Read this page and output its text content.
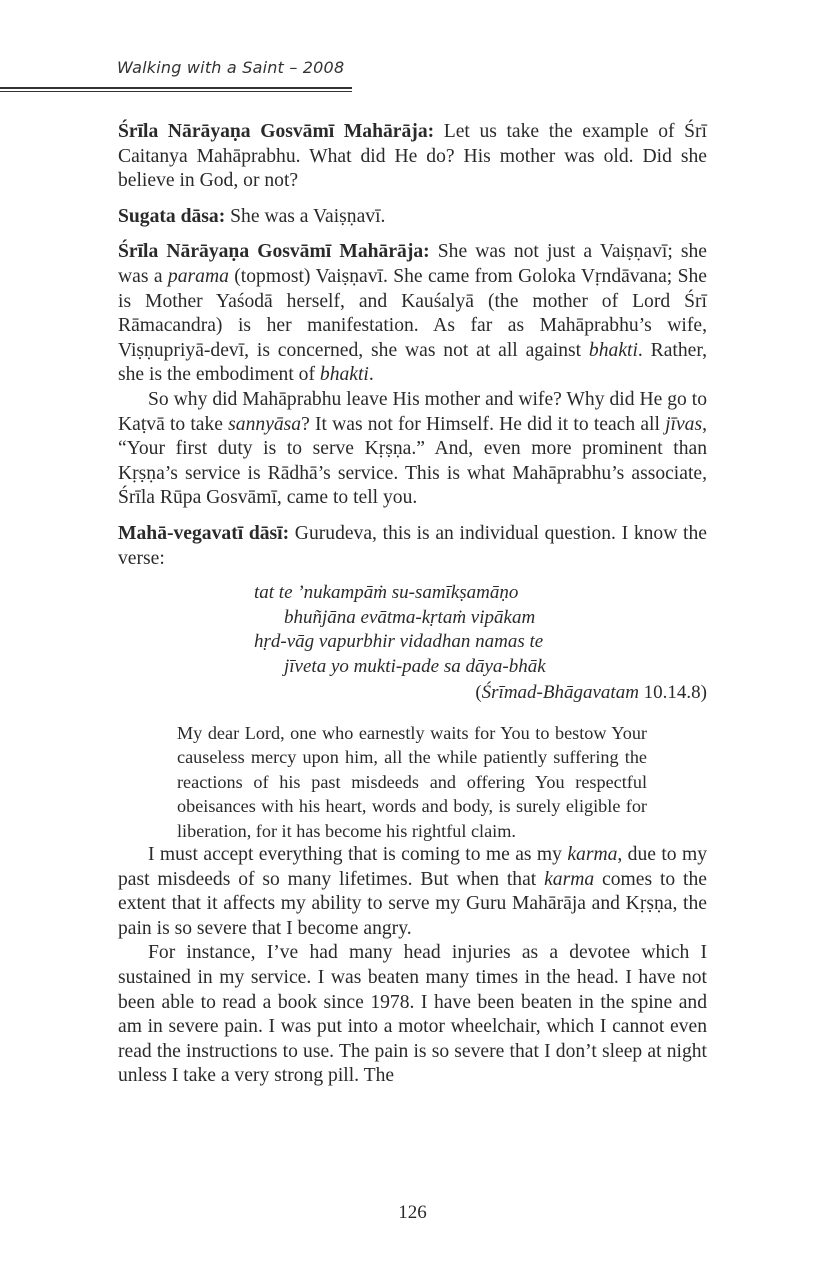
Walking with a Saint – 2008

Śrīla Nārāyaṇa Gosvāmī Mahārāja: Let us take the example of Śrī Caitanya Mahāprabhu. What did He do? His mother was old. Did she believe in God, or not?

Sugata dāsa: She was a Vaiṣṇavī.

Śrīla Nārāyaṇa Gosvāmī Mahārāja: She was not just a Vaiṣṇavī; she was a parama (topmost) Vaiṣṇavī. She came from Goloka Vṛndāvana; She is Mother Yaśodā herself, and Kauśalyā (the mother of Lord Śrī Rāmacandra) is her manifestation. As far as Mahāprabhu’s wife, Viṣṇupriyā-devī, is concerned, she was not at all against bhakti. Rather, she is the embodiment of bhakti.

So why did Mahāprabhu leave His mother and wife? Why did He go to Kaṭvā to take sannyāsa? It was not for Himself. He did it to teach all jīvas, “Your first duty is to serve Kṛṣṇa.” And, even more prominent than Kṛṣṇa’s service is Rādhā’s service. This is what Mahāprabhu’s associate, Śrīla Rūpa Gosvāmī, came to tell you.

Mahā-vegavatī dāsī: Gurudeva, this is an individual question. I know the verse:

tat te ’nukampāṁ su-samīkṣamāṇo
bhuñjāna evātma-kṛtaṁ vipākam
hṛd-vāg vapurbhir vidadhan namas te
jīveta yo mukti-pade sa dāya-bhāk
(Śrīmad-Bhāgavatam 10.14.8)
My dear Lord, one who earnestly waits for You to bestow Your causeless mercy upon him, all the while patiently suffering the reactions of his past misdeeds and offering You respectful obeisances with his heart, words and body, is surely eligible for liberation, for it has become his rightful claim.

I must accept everything that is coming to me as my karma, due to my past misdeeds of so many lifetimes. But when that karma comes to the extent that it affects my ability to serve my Guru Mahārāja and Kṛṣṇa, the pain is so severe that I become angry.

For instance, I’ve had many head injuries as a devotee which I sustained in my service. I was beaten many times in the head. I have not been able to read a book since 1978. I have been beaten in the spine and am in severe pain. I was put into a motor wheelchair, which I cannot even read the instructions to use. The pain is so severe that I don’t sleep at night unless I take a very strong pill. The

126
